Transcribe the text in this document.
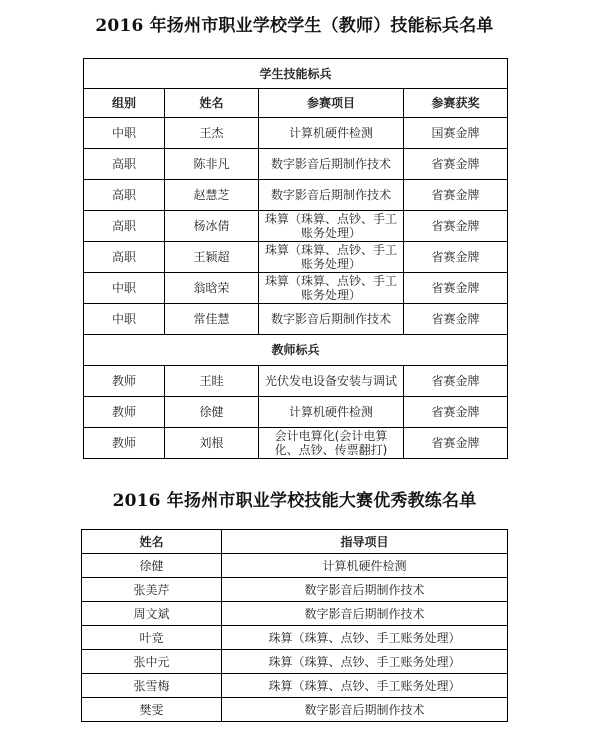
2016 年扬州市职业学校学生（教师）技能标兵名单
学生技能标兵			
组别	姓名	参赛项目	参赛获奖
中职	王杰	计算机硬件检测	国赛金牌
高职	陈非凡	数字影音后期制作技术	省赛金牌
高职	赵慧芝	数字影音后期制作技术	省赛金牌
高职	杨冰倩	珠算（珠算、点钞、手工账务处理）	省赛金牌
高职	王颖超	珠算（珠算、点钞、手工账务处理）	省赛金牌
中职	翁晗荣	珠算（珠算、点钞、手工账务处理）	省赛金牌
中职	常佳慧	数字影音后期制作技术	省赛金牌
教师标兵			
教师	王眭	光伏发电设备安装与调试	省赛金牌
教师	徐健	计算机硬件检测	省赛金牌
教师	刘根	会计电算化(会计电算化、点钞、传票翻打)	省赛金牌
2016 年扬州市职业学校技能大赛优秀教练名单
姓名	指导项目
徐健	计算机硬件检测
张美芹	数字影音后期制作技术
周文斌	数字影音后期制作技术
叶竞	珠算（珠算、点钞、手工账务处理）
张中元	珠算（珠算、点钞、手工账务处理）
张雪梅	珠算（珠算、点钞、手工账务处理）
樊雯	数字影音后期制作技术
